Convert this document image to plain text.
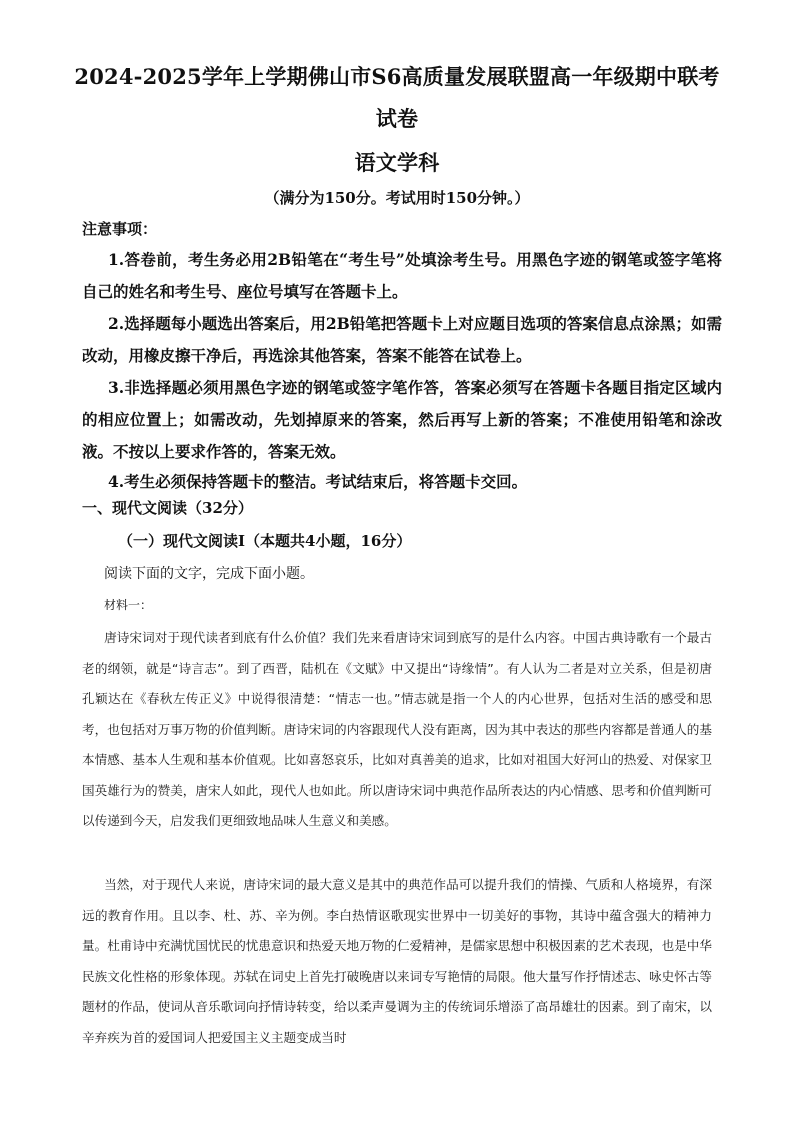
2024-2025学年上学期佛山市S6高质量发展联盟高一年级期中联考
试卷
语文学科
（满分为150分。考试用时150分钟。）
注意事项：
1.答卷前，考生务必用2B铅笔在“考生号”处填涂考生号。用黑色字迹的钢笔或签字笔将自己的姓名和考生号、座位号填写在答题卡上。
2.选择题每小题选出答案后，用2B铅笔把答题卡上对应题目选项的答案信息点涂黑；如需改动，用橡皮擦干净后，再选涂其他答案，答案不能答在试卷上。
3.非选择题必须用黑色字迹的钢笔或签字笔作答，答案必须写在答题卡各题目指定区域内的相应位置上；如需改动，先划掉原来的答案，然后再写上新的答案；不准使用铅笔和涂改液。不按以上要求作答的，答案无效。
4.考生必须保持答题卡的整洁。考试结束后，将答题卡交回。
一、现代文阅读（32分）
（一）现代文阅读Ⅰ（本题共4小题，16分）
阅读下面的文字，完成下面小题。
材料一：
唐诗宋词对于现代读者到底有什么价值？我们先来看唐诗宋词到底写的是什么内容。中国古典诗歌有一个最古老的纲领，就是“诗言志”。到了西晋，陆机在《文赋》中又提出“诗缘情”。有人认为二者是对立关系，但是初唐孔颖达在《春秋左传正义》中说得很清楚：“情志一也。”情志就是指一个人的内心世界，包括对生活的感受和思考，也包括对万事万物的价值判断。唐诗宋词的内容跟现代人没有距离，因为其中表达的那些内容都是普通人的基本情感、基本人生观和基本价值观。比如喜怒哀乐，比如对真善美的追求，比如对祖国大好河山的热爱、对保家卫国英雄行为的赞美，唐宋人如此，现代人也如此。所以唐诗宋词中典范作品所表达的内心情感、思考和价值判断可以传递到今天，启发我们更细致地品味人生意义和美感。
当然，对于现代人来说，唐诗宋词的最大意义是其中的典范作品可以提升我们的情操、气质和人格境界，有深远的教育作用。且以李、杜、苏、辛为例。李白热情讴歌现实世界中一切美好的事物，其诗中蕴含强大的精神力量。杜甫诗中充满忧国忧民的忧患意识和热爱天地万物的仁爱精神，是儒家思想中积极因素的艺术表现，也是中华民族文化性格的形象体现。苏轼在词史上首先打破晚唐以来词专写艳情的局限。他大量写作抒情述志、咏史怀古等题材的作品，使词从音乐歌词向抒情诗转变，给以柔声曼调为主的传统词乐增添了高昂雄壮的因素。到了南宋，以辛弃疾为首的爱国词人把爱国主义主题变成当时
